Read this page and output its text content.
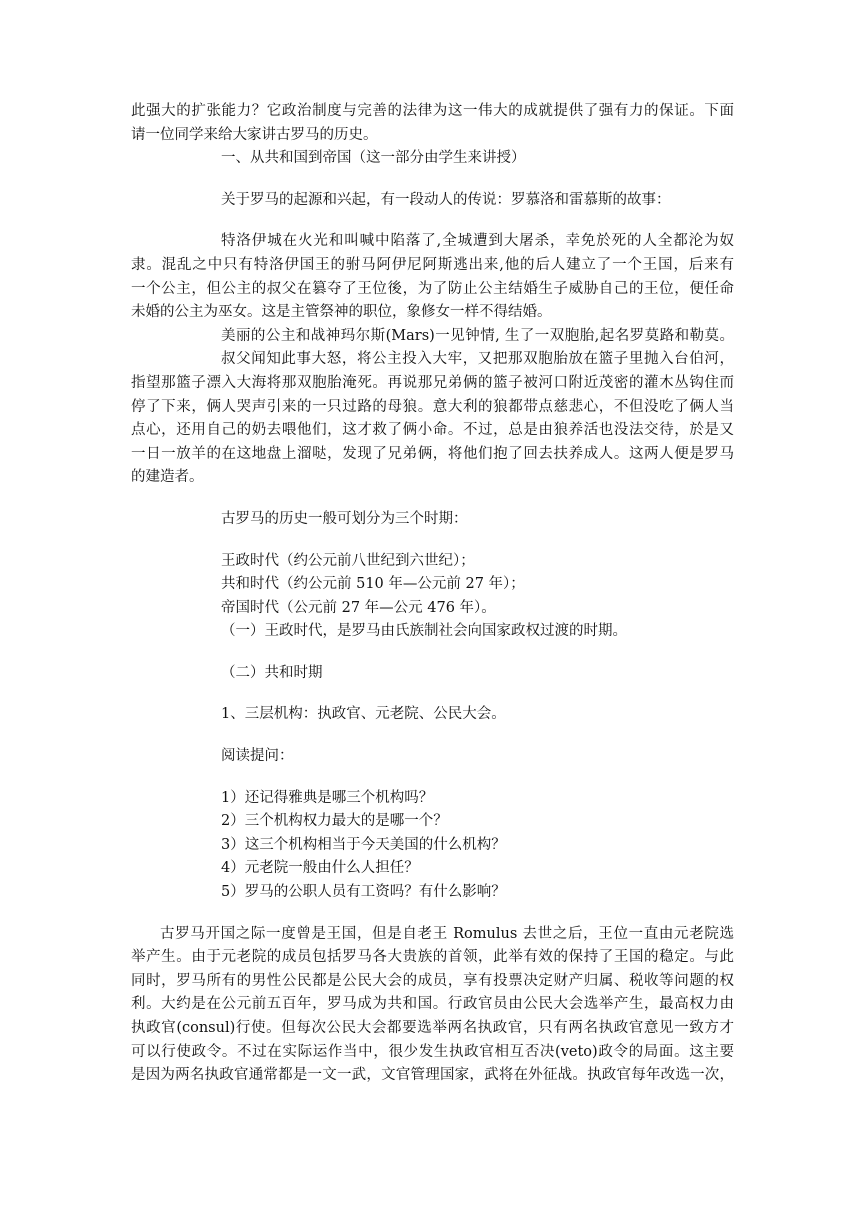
此强大的扩张能力？它政治制度与完善的法律为这一伟大的成就提供了强有力的保证。下面
请一位同学来给大家讲古罗马的历史。
一、从共和国到帝国（这一部分由学生来讲授）
关于罗马的起源和兴起，有一段动人的传说：罗慕洛和雷慕斯的故事：
特洛伊城在火光和叫喊中陷落了,全城遭到大屠杀，幸免於死的人全都沦为奴
隶。混乱之中只有特洛伊国王的驸马阿伊尼阿斯逃出来,他的后人建立了一个王国，后来有
一个公主，但公主的叔父在篡夺了王位後，为了防止公主结婚生子威胁自己的王位，便任命
未婚的公主为巫女。这是主管祭神的职位，象修女一样不得结婚。
美丽的公主和战神玛尔斯(Mars)一见钟情, 生了一双胞胎,起名罗莫路和勒莫。
叔父闻知此事大怒，将公主投入大牢，又把那双胞胎放在篮子里抛入台伯河，
指望那篮子漂入大海将那双胞胎淹死。再说那兄弟俩的篮子被河口附近茂密的灌木丛钩住而
停了下来，俩人哭声引来的一只过路的母狼。意大利的狼都带点慈悲心，不但没吃了俩人当
点心，还用自己的奶去喂他们，这才救了俩小命。不过，总是由狼养活也没法交待，於是又
一日一放羊的在这地盘上溜哒，发现了兄弟俩，将他们抱了回去扶养成人。这两人便是罗马
的建造者。
古罗马的历史一般可划分为三个时期：
王政时代（约公元前八世纪到六世纪）；
共和时代（约公元前 510 年—公元前 27 年）；
帝国时代（公元前 27 年—公元 476 年）。
（一）王政时代，是罗马由氏族制社会向国家政权过渡的时期。
（二）共和时期
1、三层机构：执政官、元老院、公民大会。
阅读提问：
1）还记得雅典是哪三个机构吗？
2）三个机构权力最大的是哪一个？
3）这三个机构相当于今天美国的什么机构？
4）元老院一般由什么人担任？
5）罗马的公职人员有工资吗？有什么影响？
古罗马开国之际一度曾是王国，但是自老王 Romulus 去世之后，王位一直由元老院选
举产生。由于元老院的成员包括罗马各大贵族的首领，此举有效的保持了王国的稳定。与此
同时，罗马所有的男性公民都是公民大会的成员，享有投票决定财产归属、税收等问题的权
利。大约是在公元前五百年，罗马成为共和国。行政官员由公民大会选举产生，最高权力由
执政官(consul)行使。但每次公民大会都要选举两名执政官，只有两名执政官意见一致方才
可以行使政令。不过在实际运作当中，很少发生执政官相互否决(veto)政令的局面。这主要
是因为两名执政官通常都是一文一武，文官管理国家，武将在外征战。执政官每年改选一次，
